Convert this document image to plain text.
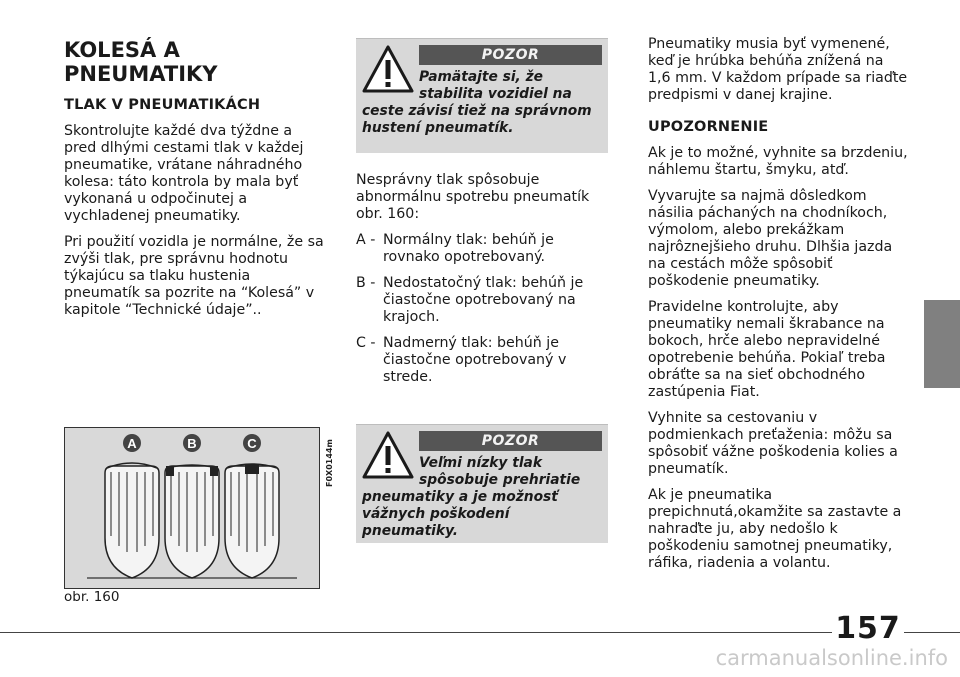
KOLESÁ A
PNEUMATIKY
TLAK V PNEUMATIKÁCH

Skontrolujte každé dva týždne a pred dlhými cestami tlak v každej pneumatike, vrátane náhradného kolesa: táto kontrola by mala byť vykonaná u odpočinutej a vychladenej pneumatiky.

Pri použití vozidla je normálne, že sa zvýši tlak, pre správnu hodnotu týkajúcu sa tlaku hustenia pneumatík sa pozrite na “Kolesá” v kapitole “Technické údaje”..

POZOR
Pamätajte si, že
stabilita vozidiel na
ceste závisí tiež na správnom hustení pneumatík.

Nesprávny tlak spôsobuje abnormálnu spotrebu pneumatík obr. 160:

A - Normálny tlak: behúň je rovnako opotrebovaný.
B - Nedostatočný tlak: behúň je čiastočne opotrebovaný na krajoch.
C - Nadmerný tlak: behúň je čiastočne opotrebovaný v strede.
POZOR
Veľmi nízky tlak
spôsobuje prehriatie
pneumatiky a je možnosť vážnych poškodení pneumatiky.
A	B	C	F0X0144m
obr. 160

Pneumatiky musia byť vymenené, keď je hrúbka behúňa znížená na 1,6 mm. V každom prípade sa riaďte predpismi v danej krajine.

UPOZORNENIE

Ak je to možné, vyhnite sa brzdeniu, náhlemu štartu, šmyku, atď.

Vyvarujte sa najmä dôsledkom násilia páchaných na chodníkoch, výmolom, alebo prekážkam najrôznejšieho druhu. Dlhšia jazda na cestách môže spôsobiť poškodenie pneumatiky.

Pravidelne kontrolujte, aby pneumatiky nemali škrabance na bokoch, hrče alebo nepravidelné opotrebenie behúňa. Pokiaľ treba obráťte sa na sieť obchodného zastúpenia Fiat.

Vyhnite sa cestovaniu v podmienkach preťaženia: môžu sa spôsobiť vážne poškodenia kolies a pneumatík.

Ak je pneumatika prepichnutá,okamžite sa zastavte a nahraďte ju, aby nedošlo k poškodeniu samotnej pneumatiky, ráfika, riadenia a volantu.

157
carmanualsonline.info
